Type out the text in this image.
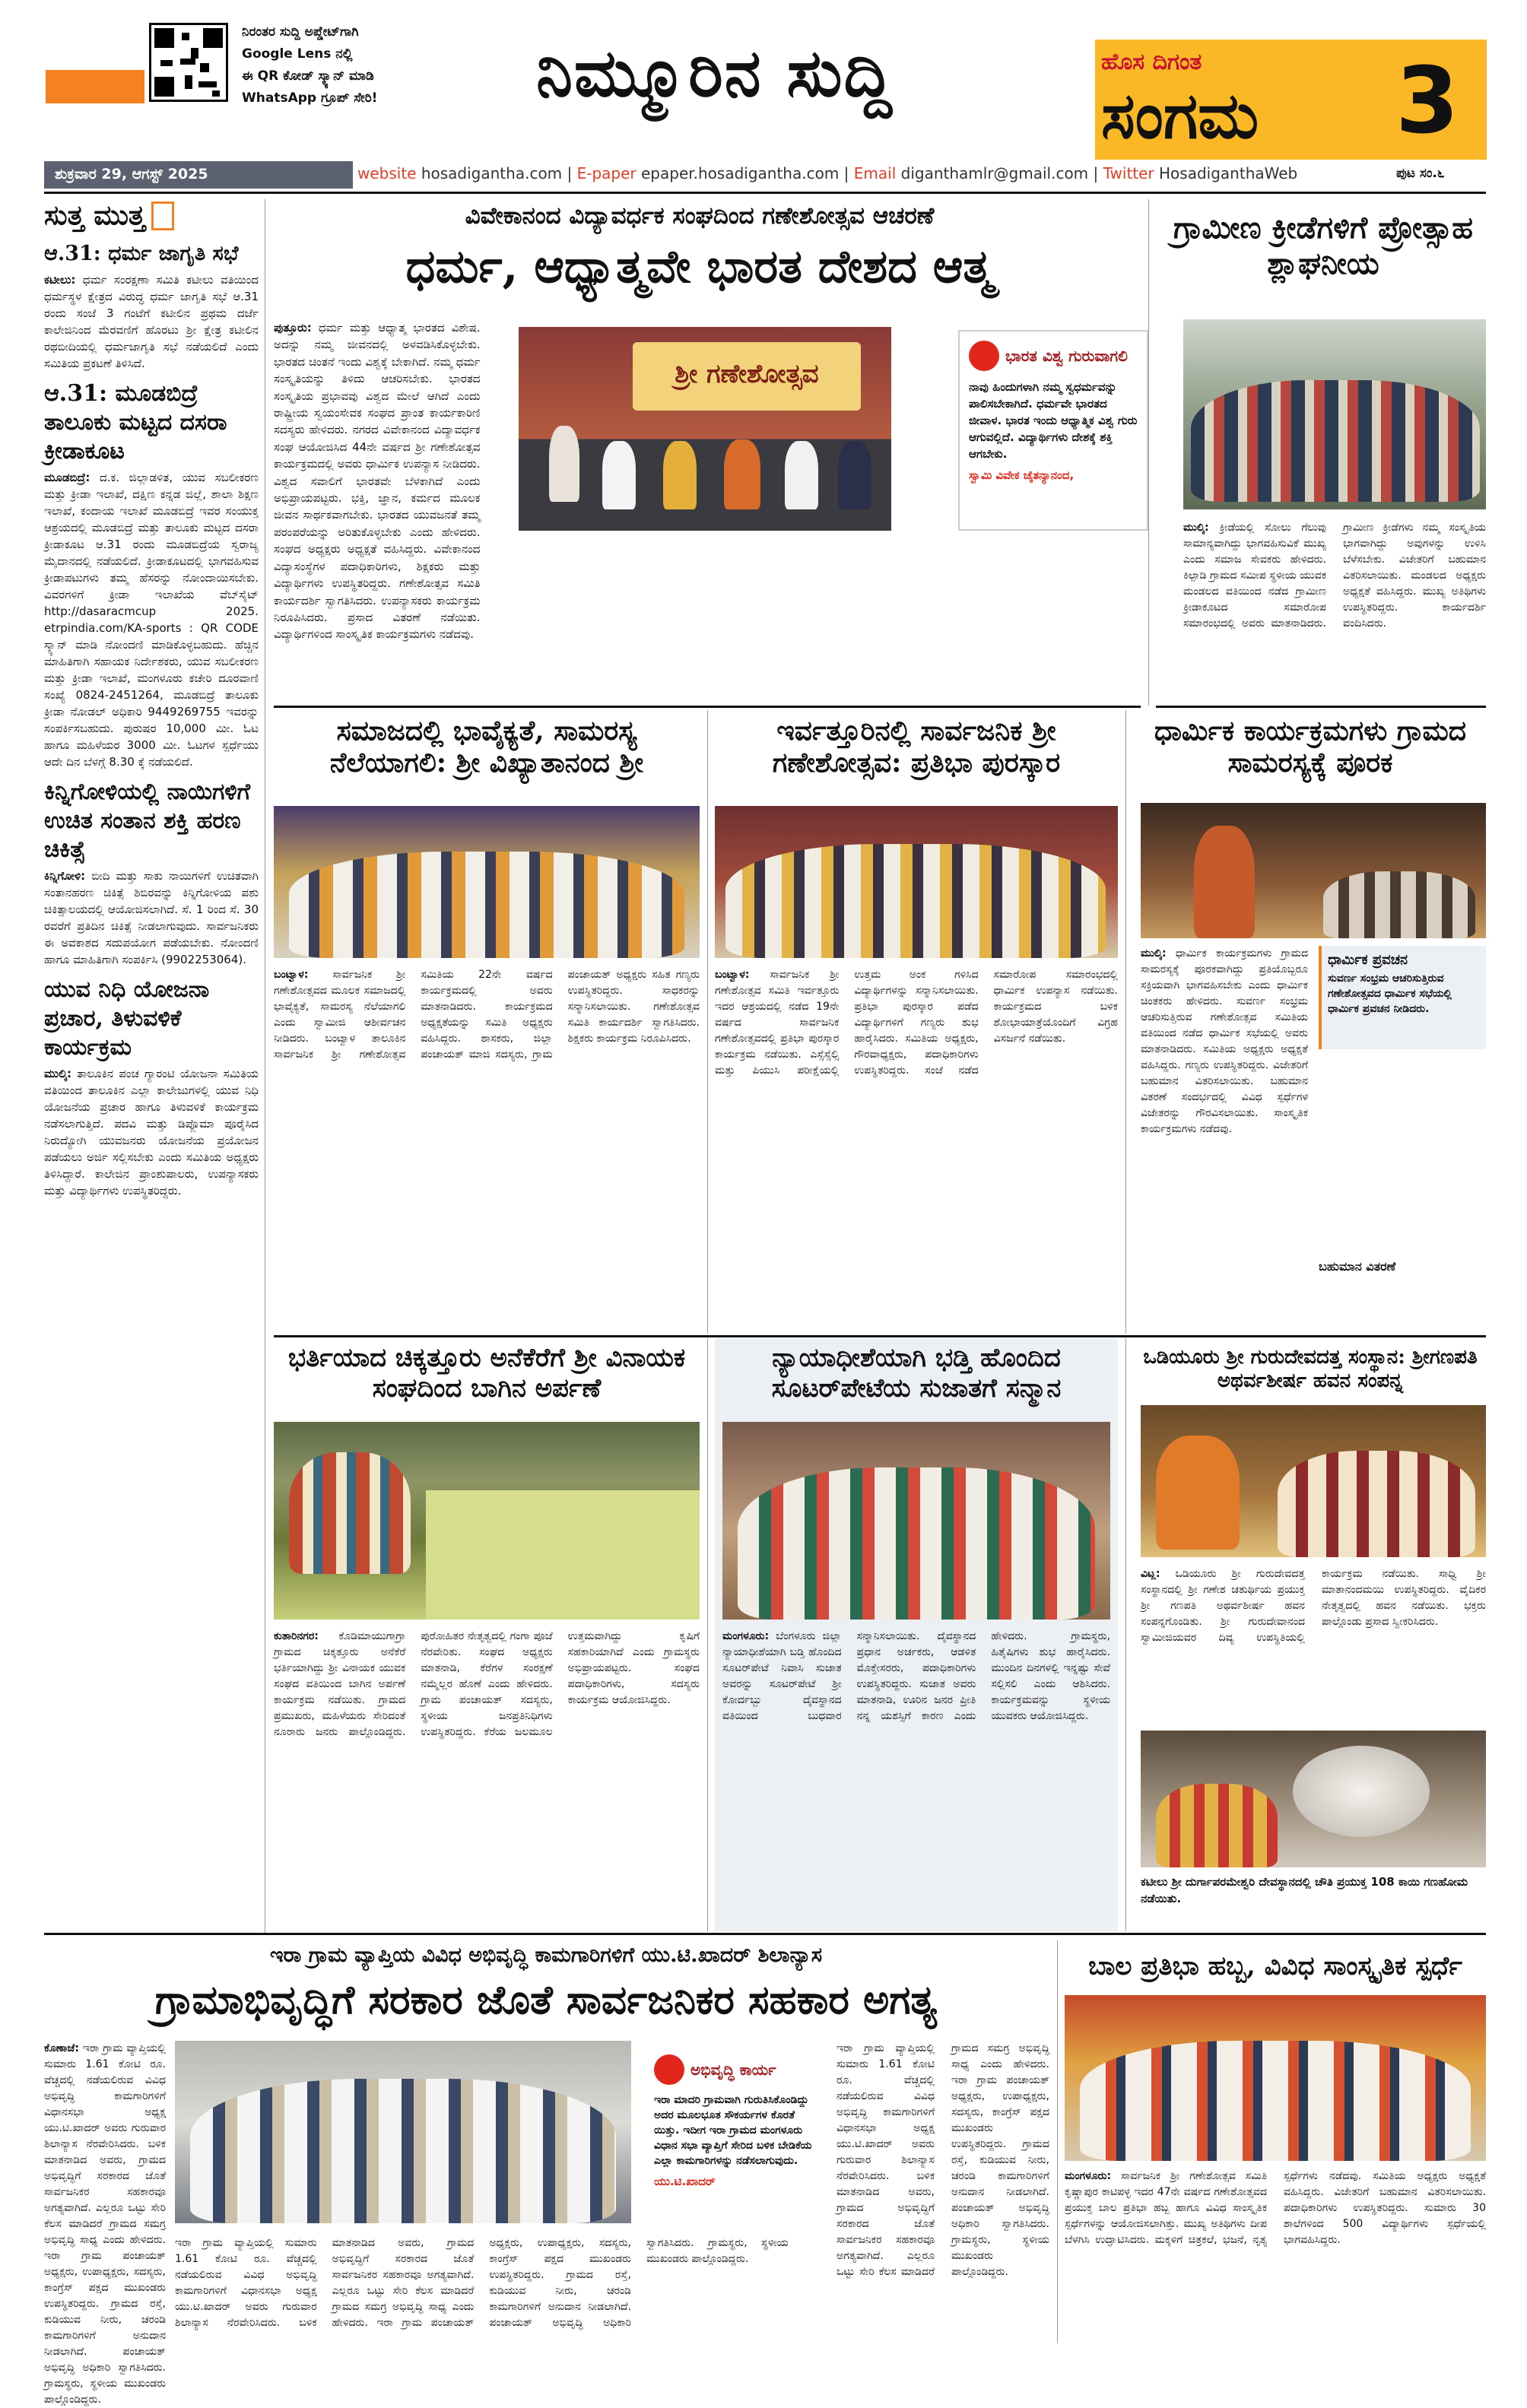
ನಿರಂತರ ಸುದ್ದಿ ಅಪ್ಡೇಟ್‌ಗಾಗಿ
Google Lens ನಲ್ಲಿ
ಈ QR ಕೋಡ್ ಸ್ಕ್ಯಾನ್ ಮಾಡಿ
WhatsApp ಗ್ರೂಪ್ ಸೇರಿ!	ನಿಮ್ಮೂರಿನ ಸುದ್ದಿ	ಹೊಸ ದಿಗಂತ
ಸಂಗಮ 3
ಪುಟ ಸಂ.೬
ಶುಕ್ರವಾರ 29, ಆಗಸ್ಟ್ 2025	website hosadigantha.com | E-paper epaper.hosadigantha.com | Email diganthamlr@gmail.com | Twitter HosadiganthaWeb
ಸುತ್ತ ಮುತ್ತ
ಆ.31: ಧರ್ಮ ಜಾಗೃತಿ ಸಭೆ
ಕಟೀಲು: ಧರ್ಮ ಸಂರಕ್ಷಣಾ ಸಮಿತಿ ಕಟೀಲು ವತಿಯಿಂದ ಧರ್ಮಸ್ಥಳ ಕ್ಷೇತ್ರದ ವಿರುದ್ಧ ಧರ್ಮ ಜಾಗೃತಿ ಸಭೆ ಆ.31 ರಂದು ಸಂಜೆ 3 ಗಂಟೆಗೆ ಕಟೀಲಿನ ಪ್ರಥಮ ದರ್ಜೆ ಕಾಲೇಜಿನಿಂದ ಮೆರವಣಿಗೆ ಹೊರಟು ಶ್ರೀ ಕ್ಷೇತ್ರ ಕಟೀಲಿನ ರಥಬೀದಿಯಲ್ಲಿ ಧರ್ಮಜಾಗೃತಿ ಸಭೆ ನಡೆಯಲಿದೆ ಎಂದು ಸಮಿತಿಯ ಪ್ರಕಟಣೆ ತಿಳಿಸಿದೆ.
ಆ.31: ಮೂಡಬಿದ್ರೆ ತಾಲೂಕು ಮಟ್ಟದ ದಸರಾ ಕ್ರೀಡಾಕೂಟ
ಮೂಡಬಿದ್ರೆ: ದ.ಕ. ಜಿಲ್ಲಾಡಳಿತ, ಯುವ ಸಬಲೀಕರಣ ಮತ್ತು ಕ್ರೀಡಾ ಇಲಾಖೆ, ದಕ್ಷಿಣ ಕನ್ನಡ ಜಿಲ್ಲೆ, ಶಾಲಾ ಶಿಕ್ಷಣ ಇಲಾಖೆ, ಕಂದಾಯ ಇಲಾಖೆ ಮೂಡಬಿದ್ರೆ ಇವರ ಸಂಯುಕ್ತ ಆಶ್ರಯದಲ್ಲಿ ಮೂಡಬಿದ್ರೆ ಮತ್ತು ತಾಲೂಕು ಮಟ್ಟದ ದಸರಾ ಕ್ರೀಡಾಕೂಟ ಆ.31 ರಂದು ಮೂಡಬಿದ್ರೆಯ ಸ್ವರಾಜ್ಯ ಮೈದಾನದಲ್ಲಿ ನಡೆಯಲಿದೆ. ಕ್ರೀಡಾಕೂಟದಲ್ಲಿ ಭಾಗವಹಿಸುವ ಕ್ರೀಡಾಪಟುಗಳು ತಮ್ಮ ಹೆಸರನ್ನು ನೋಂದಾಯಿಸಬೇಕು. ವಿವರಗಳಿಗೆ ಕ್ರೀಡಾ ಇಲಾಖೆಯ ವೆಬ್‌ಸೈಟ್ http://dasaracmcup 2025. etrpindia.com/KA-sports : QR CODE ಸ್ಕ್ಯಾನ್ ಮಾಡಿ ನೋಂದಣಿ ಮಾಡಿಕೊಳ್ಳಬಹುದು. ಹೆಚ್ಚಿನ ಮಾಹಿತಿಗಾಗಿ ಸಹಾಯಕ ನಿರ್ದೇಶಕರು, ಯುವ ಸಬಲೀಕರಣ ಮತ್ತು ಕ್ರೀಡಾ ಇಲಾಖೆ, ಮಂಗಳೂರು ಕಚೇರಿ ದೂರವಾಣಿ ಸಂಖ್ಯೆ 0824-2451264, ಮೂಡಬಿದ್ರೆ ತಾಲೂಕು ಕ್ರೀಡಾ ನೋಡಲ್ ಅಧಿಕಾರಿ 9449269755 ಇವರನ್ನು ಸಂಪರ್ಕಿಸಬಹುದು. ಪುರುಷರ 10,000 ಮೀ. ಓಟ ಹಾಗೂ ಮಹಿಳೆಯರ 3000 ಮೀ. ಓಟಗಳ ಸ್ಪರ್ಧೆಯು ಆದೇ ದಿನ ಬೆಳಗ್ಗೆ 8.30 ಕ್ಕೆ ನಡೆಯಲಿದೆ.
ಕಿನ್ನಿಗೋಳಿಯಲ್ಲಿ ನಾಯಿಗಳಿಗೆ ಉಚಿತ ಸಂತಾನ ಶಕ್ತಿ ಹರಣ ಚಿಕಿತ್ಸೆ
ಕಿನ್ನಿಗೋಳಿ: ಬೀದಿ ಮತ್ತು ಸಾಕು ನಾಯಿಗಳಿಗೆ ಉಚಿತವಾಗಿ ಸಂತಾನಹರಣ ಚಿಕಿತ್ಸೆ ಶಿಬಿರವನ್ನು ಕಿನ್ನಿಗೋಳಿಯ ಪಶು ಚಿಕಿತ್ಸಾಲಯದಲ್ಲಿ ಆಯೋಜಿಸಲಾಗಿದೆ. ಸೆ. 1 ರಿಂದ ಸೆ. 30 ರವರೆಗೆ ಪ್ರತಿದಿನ ಚಿಕಿತ್ಸೆ ನೀಡಲಾಗುವುದು. ಸಾರ್ವಜನಿಕರು ಈ ಅವಕಾಶದ ಸದುಪಯೋಗ ಪಡೆಯಬೇಕು. ನೋಂದಣಿ ಹಾಗೂ ಮಾಹಿತಿಗಾಗಿ ಸಂಪರ್ಕಿಸಿ (9902253064).
ಯುವ ನಿಧಿ ಯೋಜನಾ ಪ್ರಚಾರ, ತಿಳುವಳಿಕೆ ಕಾರ್ಯಕ್ರಮ
ಮುಲ್ಕಿ: ತಾಲೂಕಿನ ಪಂಚ ಗ್ಯಾರಂಟಿ ಯೋಜನಾ ಸಮಿತಿಯ ವತಿಯಿಂದ ತಾಲೂಕಿನ ಎಲ್ಲಾ ಕಾಲೇಜುಗಳಲ್ಲಿ ಯುವ ನಿಧಿ ಯೋಜನೆಯ ಪ್ರಚಾರ ಹಾಗೂ ತಿಳುವಳಿಕೆ ಕಾರ್ಯಕ್ರಮ ನಡೆಸಲಾಗುತ್ತಿದೆ. ಪದವಿ ಮತ್ತು ಡಿಪ್ಲೊಮಾ ಪೂರೈಸಿದ ನಿರುದ್ಯೋಗಿ ಯುವಜನರು ಯೋಜನೆಯ ಪ್ರಯೋಜನ ಪಡೆಯಲು ಅರ್ಜಿ ಸಲ್ಲಿಸಬೇಕು ಎಂದು ಸಮಿತಿಯ ಅಧ್ಯಕ್ಷರು ತಿಳಿಸಿದ್ದಾರೆ. ಕಾಲೇಜಿನ ಪ್ರಾಂಶುಪಾಲರು, ಉಪನ್ಯಾಸಕರು ಮತ್ತು ವಿದ್ಯಾರ್ಥಿಗಳು ಉಪಸ್ಥಿತರಿದ್ದರು.
ವಿವೇಕಾನಂದ ವಿದ್ಯಾವರ್ಧಕ ಸಂಘದಿಂದ ಗಣೇಶೋತ್ಸವ ಆಚರಣೆ
ಧರ್ಮ, ಆಧ್ಯಾತ್ಮವೇ ಭಾರತ ದೇಶದ ಆತ್ಮ
ಶ್ರೀ ಗಣೇಶೋತ್ಸವ
ಭಾರತ ವಿಶ್ವ ಗುರುವಾಗಲಿ
ನಾವು ಹಿಂದುಗಳಾಗಿ ನಮ್ಮ ಸ್ವಧರ್ಮವನ್ನು ಪಾಲಿಸಬೇಕಾಗಿದೆ. ಧರ್ಮವೇ ಭಾರತದ ಜೀವಾಳ. ಭಾರತ ಇಂದು ಆಧ್ಯಾತ್ಮಿಕ ವಿಶ್ವ ಗುರು ಆಗುವಲ್ಲಿದೆ. ವಿದ್ಯಾರ್ಥಿಗಳು ದೇಶಕ್ಕೆ ಶಕ್ತಿ ಆಗಬೇಕು.
ಸ್ವಾಮಿ ವಿವೇಕ ಚೈತನ್ಯಾನಂದ,
ಪುತ್ತೂರು: ಧರ್ಮ ಮತ್ತು ಆಧ್ಯಾತ್ಮ ಭಾರತದ ವಿಶೇಷ. ಅದನ್ನು ನಮ್ಮ ಜೀವನದಲ್ಲಿ ಅಳವಡಿಸಿಕೊಳ್ಳಬೇಕು. ಭಾರತದ ಚಿಂತನೆ ಇಂದು ವಿಶ್ವಕ್ಕೆ ಬೇಕಾಗಿದೆ. ನಮ್ಮ ಧರ್ಮ ಸಂಸ್ಕೃತಿಯನ್ನು ತಿಳಿದು ಆಚರಿಸಬೇಕು. ಭಾರತದ ಸಂಸ್ಕೃತಿಯ ಪ್ರಭಾವವು ವಿಶ್ವದ ಮೇಲೆ ಆಗಿದೆ ಎಂದು ರಾಷ್ಟ್ರೀಯ ಸ್ವಯಂಸೇವಕ ಸಂಘದ ಪ್ರಾಂತ ಕಾರ್ಯಕಾರಿಣಿ ಸದಸ್ಯರು ಹೇಳಿದರು. ನಗರದ ವಿವೇಕಾನಂದ ವಿದ್ಯಾವರ್ಧಕ ಸಂಘ ಆಯೋಜಿಸಿದ 44ನೇ ವರ್ಷದ ಶ್ರೀ ಗಣೇಶೋತ್ಸವ ಕಾರ್ಯಕ್ರಮದಲ್ಲಿ ಅವರು ಧಾರ್ಮಿಕ ಉಪನ್ಯಾಸ ನೀಡಿದರು. ವಿಶ್ವದ ಸವಾಲಿಗೆ ಭಾರತವೇ ಬೆಳಕಾಗಿದೆ ಎಂದು ಅಭಿಪ್ರಾಯಪಟ್ಟರು. ಭಕ್ತಿ, ಜ್ಞಾನ, ಕರ್ಮದ ಮೂಲಕ ಜೀವನ ಸಾರ್ಥಕವಾಗಬೇಕು. ಭಾರತದ ಯುವಜನತೆ ತಮ್ಮ ಪರಂಪರೆಯನ್ನು ಅರಿತುಕೊಳ್ಳಬೇಕು ಎಂದು ಹೇಳಿದರು. ಸಂಘದ ಅಧ್ಯಕ್ಷರು ಅಧ್ಯಕ್ಷತೆ ವಹಿಸಿದ್ದರು. ವಿವೇಕಾನಂದ ವಿದ್ಯಾಸಂಸ್ಥೆಗಳ ಪದಾಧಿಕಾರಿಗಳು, ಶಿಕ್ಷಕರು ಮತ್ತು ವಿದ್ಯಾರ್ಥಿಗಳು ಉಪಸ್ಥಿತರಿದ್ದರು. ಗಣೇಶೋತ್ಸವ ಸಮಿತಿ ಕಾರ್ಯದರ್ಶಿ ಸ್ವಾಗತಿಸಿದರು. ಉಪನ್ಯಾಸಕರು ಕಾರ್ಯಕ್ರಮ ನಿರೂಪಿಸಿದರು. ಪ್ರಸಾದ ವಿತರಣೆ ನಡೆಯಿತು. ವಿದ್ಯಾರ್ಥಿಗಳಿಂದ ಸಾಂಸ್ಕೃತಿಕ ಕಾರ್ಯಕ್ರಮಗಳು ನಡೆದವು.
ಗ್ರಾಮೀಣ ಕ್ರೀಡೆಗಳಿಗೆ ಪ್ರೋತ್ಸಾಹ ಶ್ಲಾಘನೀಯ
ಮುಲ್ಕಿ: ಕ್ರೀಡೆಯಲ್ಲಿ ಸೋಲು ಗೆಲುವು ಸಾಮಾನ್ಯವಾಗಿದ್ದು ಭಾಗವಹಿಸುವಿಕೆ ಮುಖ್ಯ ಎಂದು ಸಮಾಜ ಸೇವಕರು ಹೇಳಿದರು. ಕಿಲ್ಪಾಡಿ ಗ್ರಾಮದ ಸಮೀಪ ಸ್ಥಳೀಯ ಯುವಕ ಮಂಡಲದ ವತಿಯಿಂದ ನಡೆದ ಗ್ರಾಮೀಣ ಕ್ರೀಡಾಕೂಟದ ಸಮಾರೋಪ ಸಮಾರಂಭದಲ್ಲಿ ಅವರು ಮಾತನಾಡಿದರು. ಗ್ರಾಮೀಣ ಕ್ರೀಡೆಗಳು ನಮ್ಮ ಸಂಸ್ಕೃತಿಯ ಭಾಗವಾಗಿದ್ದು ಅವುಗಳನ್ನು ಉಳಿಸಿ ಬೆಳೆಸಬೇಕು. ವಿಜೇತರಿಗೆ ಬಹುಮಾನ ವಿತರಿಸಲಾಯಿತು. ಮಂಡಲದ ಅಧ್ಯಕ್ಷರು ಅಧ್ಯಕ್ಷತೆ ವಹಿಸಿದ್ದರು. ಮುಖ್ಯ ಅತಿಥಿಗಳು ಉಪಸ್ಥಿತರಿದ್ದರು. ಕಾರ್ಯದರ್ಶಿ ವಂದಿಸಿದರು.
ಸಮಾಜದಲ್ಲಿ ಭಾವೈಕ್ಯತೆ, ಸಾಮರಸ್ಯ ನೆಲೆಯಾಗಲಿ: ಶ್ರೀ ವಿಖ್ಯಾತಾನಂದ ಶ್ರೀ
ಬಂಟ್ವಾಳ: ಸಾರ್ವಜನಿಕ ಶ್ರೀ ಗಣೇಶೋತ್ಸವದ ಮೂಲಕ ಸಮಾಜದಲ್ಲಿ ಭಾವೈಕ್ಯತೆ, ಸಾಮರಸ್ಯ ನೆಲೆಯಾಗಲಿ ಎಂದು ಸ್ವಾಮೀಜಿ ಆಶೀರ್ವಚನ ನೀಡಿದರು. ಬಂಟ್ವಾಳ ತಾಲೂಕಿನ ಸಾರ್ವಜನಿಕ ಶ್ರೀ ಗಣೇಶೋತ್ಸವ ಸಮಿತಿಯ 22ನೇ ವರ್ಷದ ಕಾರ್ಯಕ್ರಮದಲ್ಲಿ ಅವರು ಮಾತನಾಡಿದರು. ಕಾರ್ಯಕ್ರಮದ ಅಧ್ಯಕ್ಷತೆಯನ್ನು ಸಮಿತಿ ಅಧ್ಯಕ್ಷರು ವಹಿಸಿದ್ದರು. ಶಾಸಕರು, ಜಿಲ್ಲಾ ಪಂಚಾಯತ್ ಮಾಜಿ ಸದಸ್ಯರು, ಗ್ರಾಮ ಪಂಚಾಯತ್ ಅಧ್ಯಕ್ಷರು ಸಹಿತ ಗಣ್ಯರು ಉಪಸ್ಥಿತರಿದ್ದರು. ಸಾಧಕರನ್ನು ಸನ್ಮಾನಿಸಲಾಯಿತು. ಗಣೇಶೋತ್ಸವ ಸಮಿತಿ ಕಾರ್ಯದರ್ಶಿ ಸ್ವಾಗತಿಸಿದರು. ಶಿಕ್ಷಕರು ಕಾರ್ಯಕ್ರಮ ನಿರೂಪಿಸಿದರು.
ಇರ್ವತ್ತೂರಿನಲ್ಲಿ ಸಾರ್ವಜನಿಕ ಶ್ರೀ ಗಣೇಶೋತ್ಸವ: ಪ್ರತಿಭಾ ಪುರಸ್ಕಾರ
ಬಂಟ್ವಾಳ: ಸಾರ್ವಜನಿಕ ಶ್ರೀ ಗಣೇಶೋತ್ಸವ ಸಮಿತಿ ಇರ್ವತ್ತೂರು ಇದರ ಆಶ್ರಯದಲ್ಲಿ ನಡೆದ 19ನೇ ವರ್ಷದ ಸಾರ್ವಜನಿಕ ಗಣೇಶೋತ್ಸವದಲ್ಲಿ ಪ್ರತಿಭಾ ಪುರಸ್ಕಾರ ಕಾರ್ಯಕ್ರಮ ನಡೆಯಿತು. ಎಸ್ಸೆಸ್ಸೆಲ್ಸಿ ಮತ್ತು ಪಿಯುಸಿ ಪರೀಕ್ಷೆಯಲ್ಲಿ ಉತ್ತಮ ಅಂಕ ಗಳಿಸಿದ ವಿದ್ಯಾರ್ಥಿಗಳನ್ನು ಸನ್ಮಾನಿಸಲಾಯಿತು. ಪ್ರತಿಭಾ ಪುರಸ್ಕಾರ ಪಡೆದ ವಿದ್ಯಾರ್ಥಿಗಳಿಗೆ ಗಣ್ಯರು ಶುಭ ಹಾರೈಸಿದರು. ಸಮಿತಿಯ ಅಧ್ಯಕ್ಷರು, ಗೌರವಾಧ್ಯಕ್ಷರು, ಪದಾಧಿಕಾರಿಗಳು ಉಪಸ್ಥಿತರಿದ್ದರು. ಸಂಜೆ ನಡೆದ ಸಮಾರೋಪ ಸಮಾರಂಭದಲ್ಲಿ ಧಾರ್ಮಿಕ ಉಪನ್ಯಾಸ ನಡೆಯಿತು. ಕಾರ್ಯಕ್ರಮದ ಬಳಿಕ ಶೋಭಾಯಾತ್ರೆಯೊಂದಿಗೆ ವಿಗ್ರಹ ವಿಸರ್ಜನೆ ನಡೆಯಿತು.
ಧಾರ್ಮಿಕ ಕಾರ್ಯಕ್ರಮಗಳು ಗ್ರಾಮದ ಸಾಮರಸ್ಯಕ್ಕೆ ಪೂರಕ
ಮುಲ್ಕಿ: ಧಾರ್ಮಿಕ ಕಾರ್ಯಕ್ರಮಗಳು ಗ್ರಾಮದ ಸಾಮರಸ್ಯಕ್ಕೆ ಪೂರಕವಾಗಿದ್ದು ಪ್ರತಿಯೊಬ್ಬರೂ ಸಕ್ರಿಯವಾಗಿ ಭಾಗವಹಿಸಬೇಕು ಎಂದು ಧಾರ್ಮಿಕ ಚಿಂತಕರು ಹೇಳಿದರು. ಸುವರ್ಣ ಸಂಭ್ರಮ ಆಚರಿಸುತ್ತಿರುವ ಗಣೇಶೋತ್ಸವ ಸಮಿತಿಯ ವತಿಯಿಂದ ನಡೆದ ಧಾರ್ಮಿಕ ಸಭೆಯಲ್ಲಿ ಅವರು ಮಾತನಾಡಿದರು. ಸಮಿತಿಯ ಅಧ್ಯಕ್ಷರು ಅಧ್ಯಕ್ಷತೆ ವಹಿಸಿದ್ದರು. ಗಣ್ಯರು ಉಪಸ್ಥಿತರಿದ್ದರು. ವಿಜೇತರಿಗೆ ಬಹುಮಾನ ವಿತರಿಸಲಾಯಿತು. ಬಹುಮಾನ ವಿತರಣೆ ಸಂದರ್ಭದಲ್ಲಿ ವಿವಿಧ ಸ್ಪರ್ಧೆಗಳ ವಿಜೇತರನ್ನು ಗೌರವಿಸಲಾಯಿತು. ಸಾಂಸ್ಕೃತಿಕ ಕಾರ್ಯಕ್ರಮಗಳು ನಡೆದವು.
ಧಾರ್ಮಿಕ ಪ್ರವಚನ
ಸುವರ್ಣ ಸಂಭ್ರಮ ಆಚರಿಸುತ್ತಿರುವ ಗಣೇಶೋತ್ಸವದ ಧಾರ್ಮಿಕ ಸಭೆಯಲ್ಲಿ ಧಾರ್ಮಿಕ ಪ್ರವಚನ ನೀಡಿದರು.
ಬಹುಮಾನ ವಿತರಣೆ
ಭರ್ತಿಯಾದ ಚಿಕ್ಕತ್ತೂರು ಅನೆಕೆರೆಗೆ ಶ್ರೀ ವಿನಾಯಕ ಸಂಘದಿಂದ ಬಾಗಿನ ಅರ್ಪಣೆ
ಕುತಾರಿನಗರ: ಕೊಡಿಮಾಯುಗಾಗ್ರಾ ಗ್ರಾಮದ ಚಿಕ್ಕತ್ತೂರು ಅನೆಕೆರೆ ಭರ್ತಿಯಾಗಿದ್ದು ಶ್ರೀ ವಿನಾಯಕ ಯುವಕ ಸಂಘದ ವತಿಯಿಂದ ಬಾಗಿನ ಅರ್ಪಣೆ ಕಾರ್ಯಕ್ರಮ ನಡೆಯಿತು. ಗ್ರಾಮದ ಪ್ರಮುಖರು, ಮಹಿಳೆಯರು ಸೇರಿದಂತೆ ನೂರಾರು ಜನರು ಪಾಲ್ಗೊಂಡಿದ್ದರು. ಪುರೋಹಿತರ ನೇತೃತ್ವದಲ್ಲಿ ಗಂಗಾ ಪೂಜೆ ನೆರವೇರಿತು. ಸಂಘದ ಅಧ್ಯಕ್ಷರು ಮಾತನಾಡಿ, ಕೆರೆಗಳ ಸಂರಕ್ಷಣೆ ನಮ್ಮೆಲ್ಲರ ಹೊಣೆ ಎಂದು ಹೇಳಿದರು. ಗ್ರಾಮ ಪಂಚಾಯತ್ ಸದಸ್ಯರು, ಸ್ಥಳೀಯ ಜನಪ್ರತಿನಿಧಿಗಳು ಉಪಸ್ಥಿತರಿದ್ದರು. ಕೆರೆಯ ಜಲಮೂಲ ಉತ್ತಮವಾಗಿದ್ದು ಕೃಷಿಗೆ ಸಹಕಾರಿಯಾಗಿದೆ ಎಂದು ಗ್ರಾಮಸ್ಥರು ಅಭಿಪ್ರಾಯಪಟ್ಟರು. ಸಂಘದ ಪದಾಧಿಕಾರಿಗಳು, ಸದಸ್ಯರು ಕಾರ್ಯಕ್ರಮ ಆಯೋಜಿಸಿದ್ದರು.
ನ್ಯಾಯಾಧೀಶೆಯಾಗಿ ಭಡ್ತಿ ಹೊಂದಿದ ಸೂಟರ್‌ಪೇಟೆಯ ಸುಜಾತಗೆ ಸನ್ಮಾನ
ಮಂಗಳೂರು: ಬೆಂಗಳೂರು ಜಿಲ್ಲಾ ನ್ಯಾಯಾಧೀಶೆಯಾಗಿ ಬಡ್ತಿ ಹೊಂದಿದ ಸೂಟರ್‌ಪೇಟೆ ನಿವಾಸಿ ಸುಜಾತ ಅವರನ್ನು ಸೂಟರ್‌ಪೇಟೆ ಶ್ರೀ ಕೋರ್ದಬ್ಬು ದೈವಸ್ಥಾನದ ವತಿಯಿಂದ ಬುಧವಾರ ಸನ್ಮಾನಿಸಲಾಯಿತು. ದೈವಸ್ಥಾನದ ಪ್ರಧಾನ ಅರ್ಚಕರು, ಆಡಳಿತ ಮೊಕ್ತೇಸರರು, ಪದಾಧಿಕಾರಿಗಳು ಉಪಸ್ಥಿತರಿದ್ದರು. ಸುಜಾತ ಅವರು ಮಾತನಾಡಿ, ಊರಿನ ಜನರ ಪ್ರೀತಿ ನನ್ನ ಯಶಸ್ಸಿಗೆ ಕಾರಣ ಎಂದು ಹೇಳಿದರು. ಗ್ರಾಮಸ್ಥರು, ಹಿತೈಷಿಗಳು ಶುಭ ಹಾರೈಸಿದರು. ಮುಂದಿನ ದಿನಗಳಲ್ಲಿ ಇನ್ನಷ್ಟು ಸೇವೆ ಸಲ್ಲಿಸಲಿ ಎಂದು ಆಶಿಸಿದರು. ಕಾರ್ಯಕ್ರಮವನ್ನು ಸ್ಥಳೀಯ ಯುವಕರು ಆಯೋಜಿಸಿದ್ದರು.
ಒಡಿಯೂರು ಶ್ರೀ ಗುರುದೇವದತ್ತ ಸಂಸ್ಥಾನ: ಶ್ರೀಗಣಪತಿ ಅಥರ್ವಶೀರ್ಷ ಹವನ ಸಂಪನ್ನ
ವಿಟ್ಲ: ಒಡಿಯೂರು ಶ್ರೀ ಗುರುದೇವದತ್ತ ಸಂಸ್ಥಾನದಲ್ಲಿ ಶ್ರೀ ಗಣೇಶ ಚತುರ್ಥಿಯ ಪ್ರಯುಕ್ತ ಶ್ರೀ ಗಣಪತಿ ಅಥರ್ವಶೀರ್ಷ ಹವನ ಸಂಪನ್ನಗೊಂಡಿತು. ಶ್ರೀ ಗುರುದೇವಾನಂದ ಸ್ವಾಮೀಜಿಯವರ ದಿವ್ಯ ಉಪಸ್ಥಿತಿಯಲ್ಲಿ ಕಾರ್ಯಕ್ರಮ ನಡೆಯಿತು. ಸಾಧ್ವಿ ಶ್ರೀ ಮಾತಾನಂದಮಯಿ ಉಪಸ್ಥಿತರಿದ್ದರು. ವೈದಿಕರ ನೇತೃತ್ವದಲ್ಲಿ ಹವನ ನಡೆಯಿತು. ಭಕ್ತರು ಪಾಲ್ಗೊಂಡು ಪ್ರಸಾದ ಸ್ವೀಕರಿಸಿದರು.
ಕಟೀಲು ಶ್ರೀ ದುರ್ಗಾಪರಮೇಶ್ವರಿ ದೇವಸ್ಥಾನದಲ್ಲಿ ಚೌತಿ ಪ್ರಯುಕ್ತ 108 ಕಾಯಿ ಗಣಹೋಮ ನಡೆಯಿತು.
ಇರಾ ಗ್ರಾಮ ವ್ಯಾಪ್ತಿಯ ವಿವಿಧ ಅಭಿವೃದ್ಧಿ ಕಾಮಗಾರಿಗಳಿಗೆ ಯು.ಟಿ.ಖಾದರ್ ಶಿಲಾನ್ಯಾಸ
ಗ್ರಾಮಾಭಿವೃದ್ಧಿಗೆ ಸರಕಾರ ಜೊತೆ ಸಾರ್ವಜನಿಕರ ಸಹಕಾರ ಅಗತ್ಯ
ಅಭಿವೃದ್ಧಿ ಕಾರ್ಯ
ಇರಾ ಮಾದರಿ ಗ್ರಾಮವಾಗಿ ಗುರುತಿಸಿಕೊಂಡಿದ್ದು ಅದರ ಮೂಲಭೂತ ಸೌಕರ್ಯಗಳ ಕೊರತೆ ಯಿತ್ತು. ಇದೀಗ ಇರಾ ಗ್ರಾಮದ ಮಂಗಳೂರು ವಿಧಾನ ಸಭಾ ವ್ಯಾಪ್ತಿಗೆ ಸೇರಿದ ಬಳಿಕ ಬೇಡಿಕೆಯ ಎಲ್ಲಾ ಕಾಮಗಾರಿಗಳನ್ನು ನಡೆಸಲಾಗುವುದು.
ಯು.ಟಿ.ಖಾದರ್
ಇರಾ ಗ್ರಾಮ ವ್ಯಾಪ್ತಿಯಲ್ಲಿ ಸುಮಾರು 1.61 ಕೋಟಿ ರೂ. ವೆಚ್ಚದಲ್ಲಿ ನಡೆಯಲಿರುವ ವಿವಿಧ ಅಭಿವೃದ್ಧಿ ಕಾಮಗಾರಿಗಳಿಗೆ ವಿಧಾನಸಭಾ ಅಧ್ಯಕ್ಷ ಯು.ಟಿ.ಖಾದರ್ ಅವರು ಗುರುವಾರ ಶಿಲಾನ್ಯಾಸ ನೆರವೇರಿಸಿದರು. ಬಳಿಕ ಮಾತನಾಡಿದ ಅವರು, ಗ್ರಾಮದ ಅಭಿವೃದ್ಧಿಗೆ ಸರಕಾರದ ಜೊತೆ ಸಾರ್ವಜನಿಕರ ಸಹಕಾರವೂ ಅಗತ್ಯವಾಗಿದೆ. ಎಲ್ಲರೂ ಒಟ್ಟು ಸೇರಿ ಕೆಲಸ ಮಾಡಿದರೆ ಗ್ರಾಮದ ಸಮಗ್ರ ಅಭಿವೃದ್ಧಿ ಸಾಧ್ಯ ಎಂದು ಹೇಳಿದರು. ಇರಾ ಗ್ರಾಮ ಪಂಚಾಯತ್ ಅಧ್ಯಕ್ಷರು, ಉಪಾಧ್ಯಕ್ಷರು, ಸದಸ್ಯರು, ಕಾಂಗ್ರೆಸ್ ಪಕ್ಷದ ಮುಖಂಡರು ಉಪಸ್ಥಿತರಿದ್ದರು. ಗ್ರಾಮದ ರಸ್ತೆ, ಕುಡಿಯುವ ನೀರು, ಚರಂಡಿ ಕಾಮಗಾರಿಗಳಿಗೆ ಅನುದಾನ ನೀಡಲಾಗಿದೆ. ಪಂಚಾಯತ್ ಅಭಿವೃದ್ಧಿ ಅಧಿಕಾರಿ ಸ್ವಾಗತಿಸಿದರು. ಗ್ರಾಮಸ್ಥರು, ಸ್ಥಳೀಯ ಮುಖಂಡರು ಪಾಲ್ಗೊಂಡಿದ್ದರು.
ಕೊಣಾಜೆ: ಇರಾ ಗ್ರಾಮ ವ್ಯಾಪ್ತಿಯಲ್ಲಿ ಸುಮಾರು 1.61 ಕೋಟಿ ರೂ. ವೆಚ್ಚದಲ್ಲಿ ನಡೆಯಲಿರುವ ವಿವಿಧ ಅಭಿವೃದ್ಧಿ ಕಾಮಗಾರಿಗಳಿಗೆ ವಿಧಾನಸಭಾ ಅಧ್ಯಕ್ಷ ಯು.ಟಿ.ಖಾದರ್ ಅವರು ಗುರುವಾರ ಶಿಲಾನ್ಯಾಸ ನೆರವೇರಿಸಿದರು. ಬಳಿಕ ಮಾತನಾಡಿದ ಅವರು, ಗ್ರಾಮದ ಅಭಿವೃದ್ಧಿಗೆ ಸರಕಾರದ ಜೊತೆ ಸಾರ್ವಜನಿಕರ ಸಹಕಾರವೂ ಅಗತ್ಯವಾಗಿದೆ. ಎಲ್ಲರೂ ಒಟ್ಟು ಸೇರಿ ಕೆಲಸ ಮಾಡಿದರೆ ಗ್ರಾಮದ ಸಮಗ್ರ ಅಭಿವೃದ್ಧಿ ಸಾಧ್ಯ ಎಂದು ಹೇಳಿದರು. ಇರಾ ಗ್ರಾಮ ಪಂಚಾಯತ್ ಅಧ್ಯಕ್ಷರು, ಉಪಾಧ್ಯಕ್ಷರು, ಸದಸ್ಯರು, ಕಾಂಗ್ರೆಸ್ ಪಕ್ಷದ ಮುಖಂಡರು ಉಪಸ್ಥಿತರಿದ್ದರು. ಗ್ರಾಮದ ರಸ್ತೆ, ಕುಡಿಯುವ ನೀರು, ಚರಂಡಿ ಕಾಮಗಾರಿಗಳಿಗೆ ಅನುದಾನ ನೀಡಲಾಗಿದೆ. ಪಂಚಾಯತ್ ಅಭಿವೃದ್ಧಿ ಅಧಿಕಾರಿ ಸ್ವಾಗತಿಸಿದರು. ಗ್ರಾಮಸ್ಥರು, ಸ್ಥಳೀಯ ಮುಖಂಡರು ಪಾಲ್ಗೊಂಡಿದ್ದರು.
ಇರಾ ಗ್ರಾಮ ವ್ಯಾಪ್ತಿಯಲ್ಲಿ ಸುಮಾರು 1.61 ಕೋಟಿ ರೂ. ವೆಚ್ಚದಲ್ಲಿ ನಡೆಯಲಿರುವ ವಿವಿಧ ಅಭಿವೃದ್ಧಿ ಕಾಮಗಾರಿಗಳಿಗೆ ವಿಧಾನಸಭಾ ಅಧ್ಯಕ್ಷ ಯು.ಟಿ.ಖಾದರ್ ಅವರು ಗುರುವಾರ ಶಿಲಾನ್ಯಾಸ ನೆರವೇರಿಸಿದರು. ಬಳಿಕ ಮಾತನಾಡಿದ ಅವರು, ಗ್ರಾಮದ ಅಭಿವೃದ್ಧಿಗೆ ಸರಕಾರದ ಜೊತೆ ಸಾರ್ವಜನಿಕರ ಸಹಕಾರವೂ ಅಗತ್ಯವಾಗಿದೆ. ಎಲ್ಲರೂ ಒಟ್ಟು ಸೇರಿ ಕೆಲಸ ಮಾಡಿದರೆ ಗ್ರಾಮದ ಸಮಗ್ರ ಅಭಿವೃದ್ಧಿ ಸಾಧ್ಯ ಎಂದು ಹೇಳಿದರು. ಇರಾ ಗ್ರಾಮ ಪಂಚಾಯತ್ ಅಧ್ಯಕ್ಷರು, ಉಪಾಧ್ಯಕ್ಷರು, ಸದಸ್ಯರು, ಕಾಂಗ್ರೆಸ್ ಪಕ್ಷದ ಮುಖಂಡರು ಉಪಸ್ಥಿತರಿದ್ದರು. ಗ್ರಾಮದ ರಸ್ತೆ, ಕುಡಿಯುವ ನೀರು, ಚರಂಡಿ ಕಾಮಗಾರಿಗಳಿಗೆ ಅನುದಾನ ನೀಡಲಾಗಿದೆ. ಪಂಚಾಯತ್ ಅಭಿವೃದ್ಧಿ ಅಧಿಕಾರಿ ಸ್ವಾಗತಿಸಿದರು. ಗ್ರಾಮಸ್ಥರು, ಸ್ಥಳೀಯ ಮುಖಂಡರು ಪಾಲ್ಗೊಂಡಿದ್ದರು.
ಬಾಲ ಪ್ರತಿಭಾ ಹಬ್ಬ, ವಿವಿಧ ಸಾಂಸ್ಕೃತಿಕ ಸ್ಪರ್ಧೆ
ಮಂಗಳೂರು: ಸಾರ್ವಜನಿಕ ಶ್ರೀ ಗಣೇಶೋತ್ಸವ ಸಮಿತಿ ಕೃಷ್ಣಾಪುರ ಕಾಟಿಪಳ್ಳ ಇದರ 47ನೇ ವರ್ಷದ ಗಣೇಶೋತ್ಸವದ ಪ್ರಯುಕ್ತ ಬಾಲ ಪ್ರತಿಭಾ ಹಬ್ಬ ಹಾಗೂ ವಿವಿಧ ಸಾಂಸ್ಕೃತಿಕ ಸ್ಪರ್ಧೆಗಳನ್ನು ಆಯೋಜಿಸಲಾಗಿತ್ತು. ಮುಖ್ಯ ಅತಿಥಿಗಳು ದೀಪ ಬೆಳಗಿಸಿ ಉದ್ಘಾಟಿಸಿದರು. ಮಕ್ಕಳಿಗೆ ಚಿತ್ರಕಲೆ, ಭಜನೆ, ನೃತ್ಯ ಸ್ಪರ್ಧೆಗಳು ನಡೆದವು. ಸಮಿತಿಯ ಅಧ್ಯಕ್ಷರು ಅಧ್ಯಕ್ಷತೆ ವಹಿಸಿದ್ದರು. ವಿಜೇತರಿಗೆ ಬಹುಮಾನ ವಿತರಿಸಲಾಯಿತು. ಪದಾಧಿಕಾರಿಗಳು ಉಪಸ್ಥಿತರಿದ್ದರು. ಸುಮಾರು 30 ಶಾಲೆಗಳಿಂದ 500 ವಿದ್ಯಾರ್ಥಿಗಳು ಸ್ಪರ್ಧೆಯಲ್ಲಿ ಭಾಗವಹಿಸಿದ್ದರು.
